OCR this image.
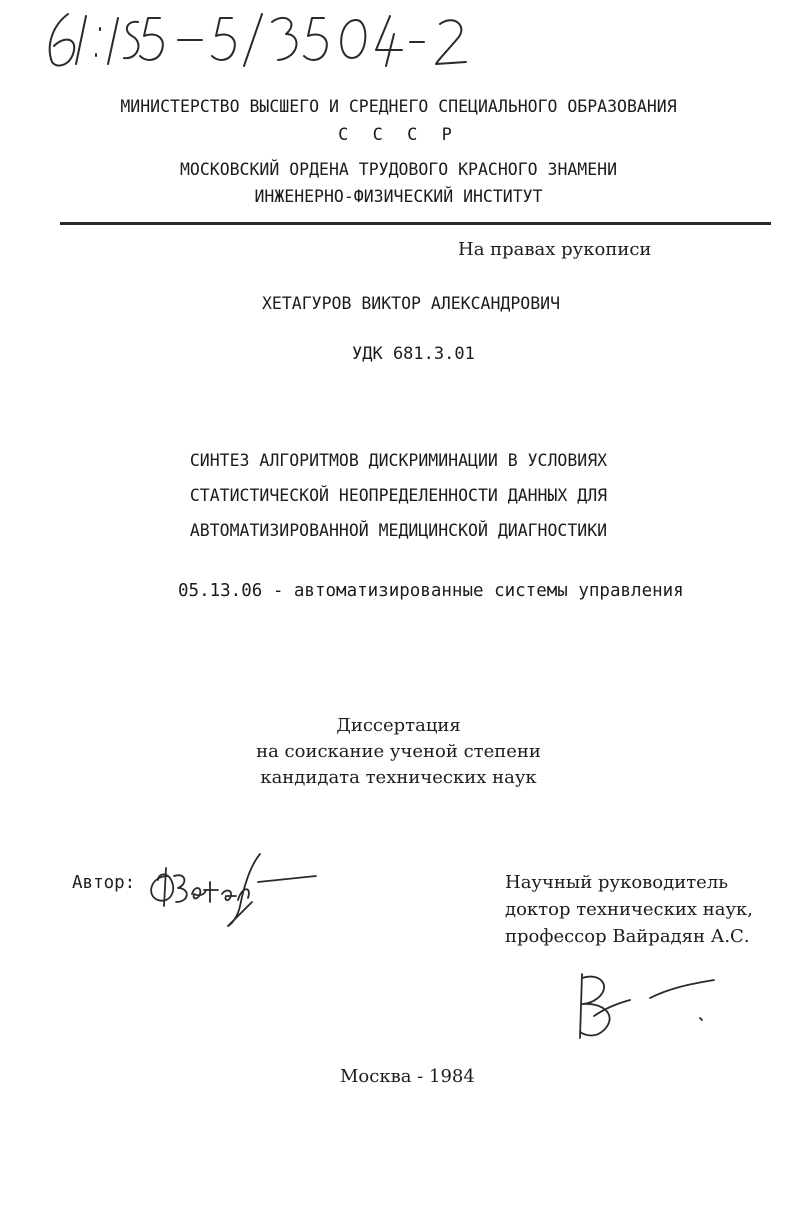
МИНИСТЕРСТВО ВЫСШЕГО И СРЕДНЕГО СПЕЦИАЛЬНОГО ОБРАЗОВАНИЯ
С С С Р
МОСКОВСКИЙ ОРДЕНА ТРУДОВОГО КРАСНОГО ЗНАМЕНИ
ИНЖЕНЕРНО-ФИЗИЧЕСКИЙ ИНСТИТУТ
На правах рукописи
ХЕТАГУРОВ ВИКТОР АЛЕКСАНДРОВИЧ
УДК 681.3.01
СИНТЕЗ АЛГОРИТМОВ ДИСКРИМИНАЦИИ В УСЛОВИЯХ
СТАТИСТИЧЕСКОЙ НЕОПРЕДЕЛЕННОСТИ ДАННЫХ ДЛЯ
АВТОМАТИЗИРОВАННОЙ МЕДИЦИНСКОЙ ДИАГНОСТИКИ
05.13.06 - автоматизированные системы управления
Диссертация
на соискание ученой степени
кандидата технических наук
Автор:	Научный руководитель
доктор технических наук,
профессор Вайрадян А.С.
Москва - 1984
